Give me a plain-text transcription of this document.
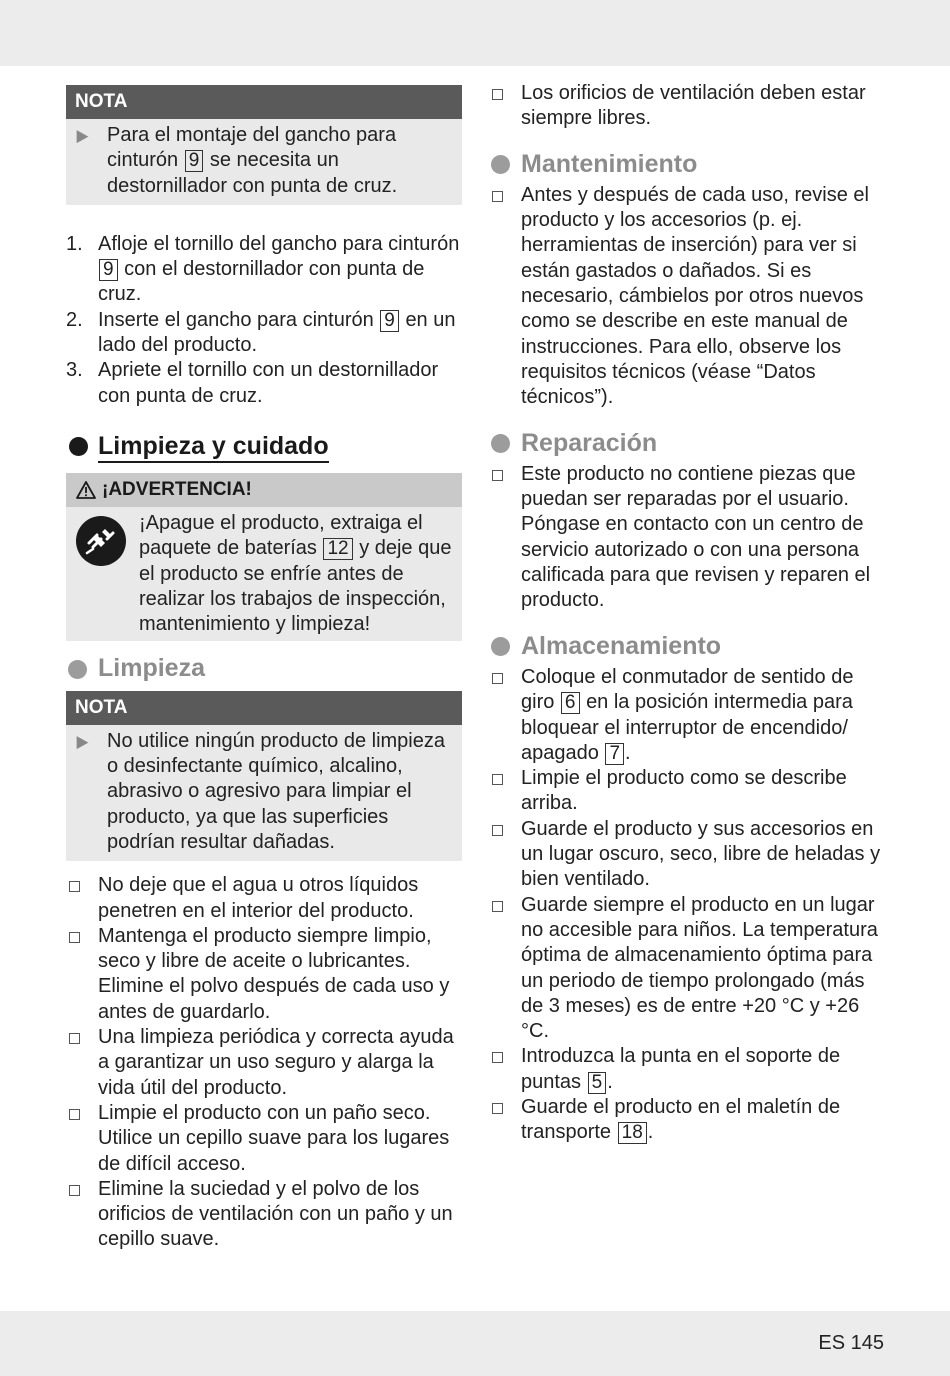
NOTA
▶ Para el montaje del gancho para cinturón 9 se necesita un destornillador con punta de cruz.
1. Afloje el tornillo del gancho para cinturón 9 con el destornillador con punta de cruz.
2. Inserte el gancho para cinturón 9 en un lado del producto.
3. Apriete el tornillo con un destornillador con punta de cruz.
Limpieza y cuidado
¡ADVERTENCIA!
¡Apague el producto, extraiga el paquete de baterías 12 y deje que el producto se enfríe antes de realizar los trabajos de inspección, mantenimiento y limpieza!
Limpieza
NOTA
▶ No utilice ningún producto de limpieza o desinfectante químico, alcalino, abrasivo o agresivo para limpiar el producto, ya que las superficies podrían resultar dañadas.
No deje que el agua u otros líquidos penetren en el interior del producto.
Mantenga el producto siempre limpio, seco y libre de aceite o lubricantes. Elimine el polvo después de cada uso y antes de guardarlo.
Una limpieza periódica y correcta ayuda a garantizar un uso seguro y alarga la vida útil del producto.
Limpie el producto con un paño seco. Utilice un cepillo suave para los lugares de difícil acceso.
Elimine la suciedad y el polvo de los orificios de ventilación con un paño y un cepillo suave.
Los orificios de ventilación deben estar siempre libres.
Mantenimiento
Antes y después de cada uso, revise el producto y los accesorios (p. ej. herramientas de inserción) para ver si están gastados o dañados. Si es necesario, cámbielos por otros nuevos como se describe en este manual de instrucciones. Para ello, observe los requisitos técnicos (véase “Datos técnicos”).
Reparación
Este producto no contiene piezas que puedan ser reparadas por el usuario. Póngase en contacto con un centro de servicio autorizado o con una persona calificada para que revisen y reparen el producto.
Almacenamiento
Coloque el conmutador de sentido de giro 6 en la posición intermedia para bloquear el interruptor de encendido/ apagado 7 .
Limpie el producto como se describe arriba.
Guarde el producto y sus accesorios en un lugar oscuro, seco, libre de heladas y bien ventilado.
Guarde siempre el producto en un lugar no accesible para niños. La temperatura óptima de almacenamiento óptima para un periodo de tiempo prolongado (más de 3 meses) es de entre +20 °C y +26 °C.
Introduzca la punta en el soporte de puntas 5 .
Guarde el producto en el maletín de transporte 18 .
ES 145
